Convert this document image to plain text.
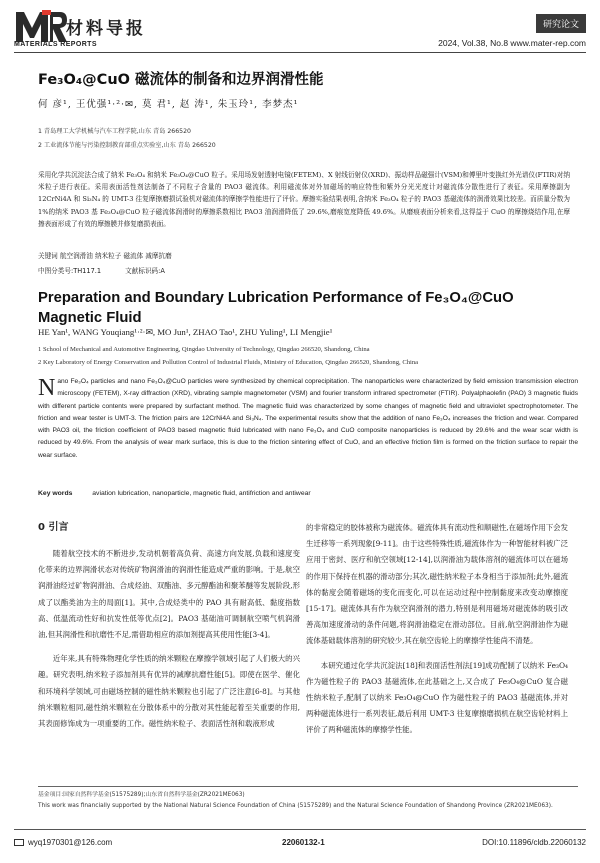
材料导报
MATERIALS REPORTS
研究论文
2024, Vol.38, No.8 www.mater-rep.com
Fe₃O₄@CuO 磁流体的制备和边界润滑性能
何 彦¹, 王优强¹·²·✉, 莫 君¹, 赵 涛¹, 朱玉玲¹, 李梦杰¹
1 青岛理工大学机械与汽车工程学院,山东 青岛 266520
2 工业流体节能与污染控制教育部重点实验室,山东 青岛 266520
采用化学共沉淀法合成了纳米 Fe₃O₄ 和纳米 Fe₃O₄@CuO 粒子。采用场发射透射电镜(FETEM)、X 射线衍射仪(XRD)、振动样品磁强计(VSM)和傅里叶变换红外光谱仪(FTIR)对纳米粒子进行表征。采用表面活性剂法制备了不同粒子含量的 PAO3 磁流体。利用磁流体对外加磁场的响应特性和紫外分光光度计对磁流体分散性进行了表征。采用摩擦副为 12CrNi4A 和 Si₃N₄ 的 UMT-3 往复摩擦磨损试验机对磁流体的摩擦学性能进行了评价。摩擦实验结果表明,含纳米 Fe₃O₄ 粒子的 PAO3 基磁流体的润滑效果比较差。而质量分数为 1%的纳米 PAO3 基 Fe₃O₄@CuO 粒子磁流体润滑时的摩擦系数相比 PAO3 油润滑降低了 29.6%,磨痕宽度降低 49.6%。从磨痕表面分析来看,这得益于 CuO 的摩擦烧结作用,在摩擦表面形成了有效的摩擦膜并修复磨损表面。
关键词 航空润滑油 纳米粒子 磁流体 减摩抗磨
中图分类号:TH117.1	文献标识码:A
Preparation and Boundary Lubrication Performance of Fe₃O₄@CuO Magnetic Fluid
HE Yan¹, WANG Youqiang¹·²·✉, MO Jun¹, ZHAO Tao¹, ZHU Yuling¹, LI Mengjie¹
1 School of Mechanical and Automotive Engineering, Qingdao University of Technology, Qingdao 266520, Shandong, China
2 Key Laboratory of Energy Conservation and Pollution Control of Industrial Fluids, Ministry of Education, Qingdao 266520, Shandong, China
N ano Fe₃O₄ particles and nano Fe₃O₄@CuO particles were synthesized by chemical coprecipitation. The nanoparticles were characterized by field emission transmission electron microscopy (FETEM), X-ray diffraction (XRD), vibrating sample magnetometer (VSM) and fourier transform infrared spectrometer (FTIR). Polyalphaolefin (PAO) 3 magnetic fluids with different particle contents were prepared by surfactant method. The magnetic fluid was characterized by some changes of magnetic field and ultraviolet spectrophotometer. The friction and wear tester is UMT-3. The friction pairs are 12CrNi4A and Si₃N₄. The experimental results show that the addition of nano Fe₃O₄ increases the friction and wear. Compared with PAO3 oil, the friction coefficient of PAO3 based magnetic fluid lubricated with nano Fe₃O₄ and CuO composite nanoparticles is reduced by 29.6% and the wear scar width is reduced by 49.6%. From the analysis of wear mark surface, this is due to the friction sintering effect of CuO, and an effective friction film is formed on the friction surface to repair the wear surface.
Key words	aviation lubrication, nanoparticle, magnetic fluid, antifriction and antiwear
0 引言
随着航空技术的不断进步,发动机朝着高负荷、高速方向发展,负载和速度变化带来的边界润滑状态对传统矿物润滑油的润滑性能造成严重的影响。于是,航空润滑油经过矿物润滑油、合成烃油、双酯油、多元醇酯油和聚苯醚等发展阶段,形成了以酯类油为主的局面[1]。其中,合成烃类中的 PAO 具有耐高低、黏度指数高、低温流动性好和抗发性低等优点[2]。PAO3 基础油可调制航空喷气机润滑油,但其润滑性和抗磨性不足,需借助相应的添加剂提高其使用性能[3-4]。
近年来,具有特殊物理化学性质的纳米颗粒在摩擦学领域引起了人们极大的兴趣。研究表明,纳米粒子添加剂具有优异的减摩抗磨性能[5]。即使在医学、催化和环境科学领域,可由磁场控制的磁性纳米颗粒也引起了广泛注意[6-8]。与其他纳米颗粒相同,磁性纳米颗粒在分散体系中的分散对其性能起着至关重要的作用,其表面修饰成为一项重要的工作。磁性纳米粒子、表面活性剂和载液形成
的非常稳定的胶体被称为磁流体。磁流体具有流动性和顺磁性,在磁场作用下会发生迁移等一系列现象[9-11]。由于这些特殊性质,磁流体作为一种智能材料被广泛应用于密封、医疗和航空领域[12-14],以润滑油为载体溶剂的磁流体可以在磁场的作用下保持在机器的滑动部分;其次,磁性纳米粒子本身相当于添加剂;此外,磁流体的黏度会随着磁场的变化而变化,可以在运动过程中控制黏度来改变动摩擦度[15-17]。磁流体具有作为航空润滑剂的潜力,特别是利用磁场对磁流体的吸引改善高加速度滑动的条件问题,将润滑油稳定在滑动部位。目前,航空润滑油作为磁流体基础载体溶剂的研究较少,其在航空齿轮上的摩擦学性能尚不清楚。
本研究通过化学共沉淀法[18]和表面活性剂法[19]成功配制了以纳米 Fe₃O₄ 作为磁性粒子的 PAO3 基磁流体,在此基础之上,又合成了 Fe₃O₄@CuO 复合磁性纳米粒子,配制了以纳米 Fe₃O₄@CuO 作为磁性粒子的 PAO3 基磁流体,并对两种磁流体进行一系列表征,最后利用 UMT-3 往复摩擦磨损机在航空齿轮材料上评价了两种磁流体的摩擦学性能。
基金项目:国家自然科学基金(51575289);山东省自然科学基金(ZR2021ME063)
This work was financially supported by the National Natural Science Foundation of China (51575289) and the Natural Science Foundation of Shandong Province (ZR2021ME063).
wyq1970301@126.com	22060132-1	DOI:10.11896/cldb.22060132
